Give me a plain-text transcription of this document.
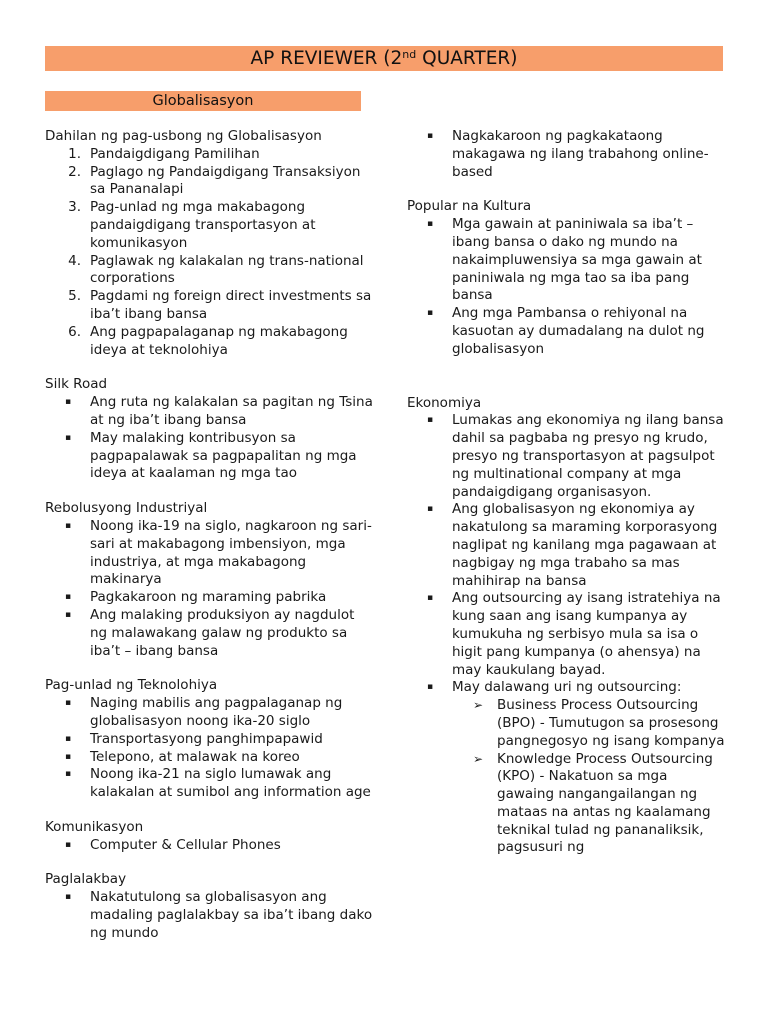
AP REVIEWER (2nd QUARTER)
Globalisasyon
Dahilan ng pag-usbong ng Globalisasyon
1. Pandaigdigang Pamilihan
2. Paglago ng Pandaigdigang Transaksiyon sa Pananalapi
3. Pag-unlad ng mga makabagong pandaigdigang transportasyon at komunikasyon
4. Paglawak ng kalakalan ng trans-national corporations
5. Pagdami ng foreign direct investments sa iba’t ibang bansa
6. Ang pagpapalaganap ng makabagong ideya at teknolohiya
Silk Road
▪ Ang ruta ng kalakalan sa pagitan ng Tsina at ng iba’t ibang bansa
▪ May malaking kontribusyon sa pagpapalawak sa pagpapalitan ng mga ideya at kaalaman ng mga tao
Rebolusyong Industriyal
▪ Noong ika-19 na siglo, nagkaroon ng sari-sari at makabagong imbensiyon, mga industriya, at mga makabagong makinarya
▪ Pagkakaroon ng maraming pabrika
▪ Ang malaking produksiyon ay nagdulot ng malawakang galaw ng produkto sa iba’t – ibang bansa
Pag-unlad ng Teknolohiya
▪ Naging mabilis ang pagpalaganap ng globalisasyon noong ika-20 siglo
▪ Transportasyong panghimpapawid
▪ Telepono, at malawak na koreo
▪ Noong ika-21 na siglo lumawak ang kalakalan at sumibol ang information age
Komunikasyon
▪ Computer & Cellular Phones
Paglalakbay
▪ Nakatutulong sa globalisasyon ang madaling paglalakbay sa iba’t ibang dako ng mundo
▪ Nagkakaroon ng pagkakataong makagawa ng ilang trabahong online-based
Popular na Kultura
▪ Mga gawain at paniniwala sa iba’t – ibang bansa o dako ng mundo na nakaimpluwensiya sa mga gawain at paniniwala ng mga tao sa iba pang bansa
▪ Ang mga Pambansa o rehiyonal na kasuotan ay dumadalang na dulot ng globalisasyon
Ekonomiya
▪ Lumakas ang ekonomiya ng ilang bansa dahil sa pagbaba ng presyo ng krudo, presyo ng transportasyon at pagsulpot ng multinational company at mga pandaigdigang organisasyon.
▪ Ang globalisasyon ng ekonomiya ay nakatulong sa maraming korporasyong naglipat ng kanilang mga pagawaan at nagbigay ng mga trabaho sa mas mahihirap na bansa
▪ Ang outsourcing ay isang istratehiya na kung saan ang isang kumpanya ay kumukuha ng serbisyo mula sa isa o higit pang kumpanya (o ahensya) na may kaukulang bayad.
▪ May dalawang uri ng outsourcing:
➢ Business Process Outsourcing (BPO) - Tumutugon sa prosesong pangnegosyo ng isang kompanya
➢ Knowledge Process Outsourcing (KPO) - Nakatuon sa mga gawaing nangangailangan ng mataas na antas ng kaalamang teknikal tulad ng pananaliksik, pagsusuri ng
